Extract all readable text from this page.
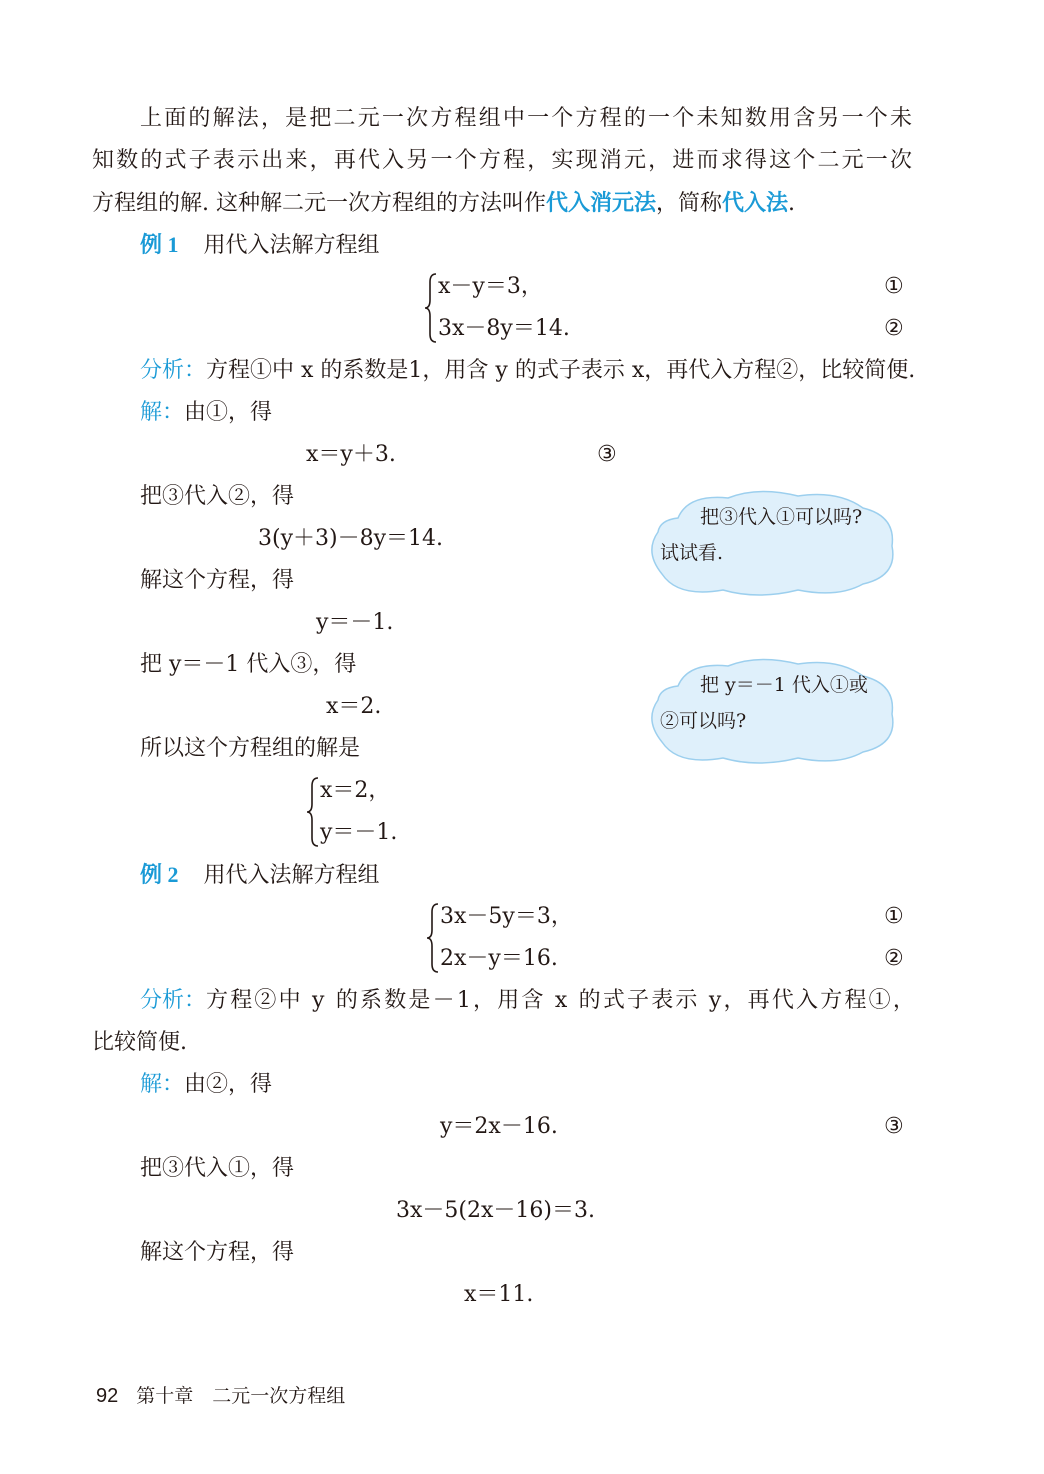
上面的解法，是把二元一次方程组中一个方程的一个未知数用含另一个未
知数的式子表示出来，再代入另一个方程，实现消元，进而求得这个二元一次
方程组的解. 这种解二元一次方程组的方法叫作代入消元法，简称代入法.
例 1 用代入法解方程组
x－y＝3，	①
3x－8y＝14.	②
分析：方程①中 x 的系数是1，用含 y 的式子表示 x，再代入方程②，比较简便.
解：由①，得
x＝y＋3.	③
把③代入②，得
3(y＋3)－8y＝14.
解这个方程，得
y＝－1.
把 y＝－1 代入③，得
x＝2.
所以这个方程组的解是
x＝2，
y＝－1.
把③代入①可以吗?
试试看.
把 y＝－1 代入①或
②可以吗?
例 2 用代入法解方程组
3x－5y＝3，	①
2x－y＝16.	②
分析：方程②中 y 的系数是－1，用含 x 的式子表示 y，再代入方程①，
比较简便.
解：由②，得
y＝2x－16.	③
把③代入①，得
3x－5(2x－16)＝3.
解这个方程，得
x＝11.
92 第十章　二元一次方程组
